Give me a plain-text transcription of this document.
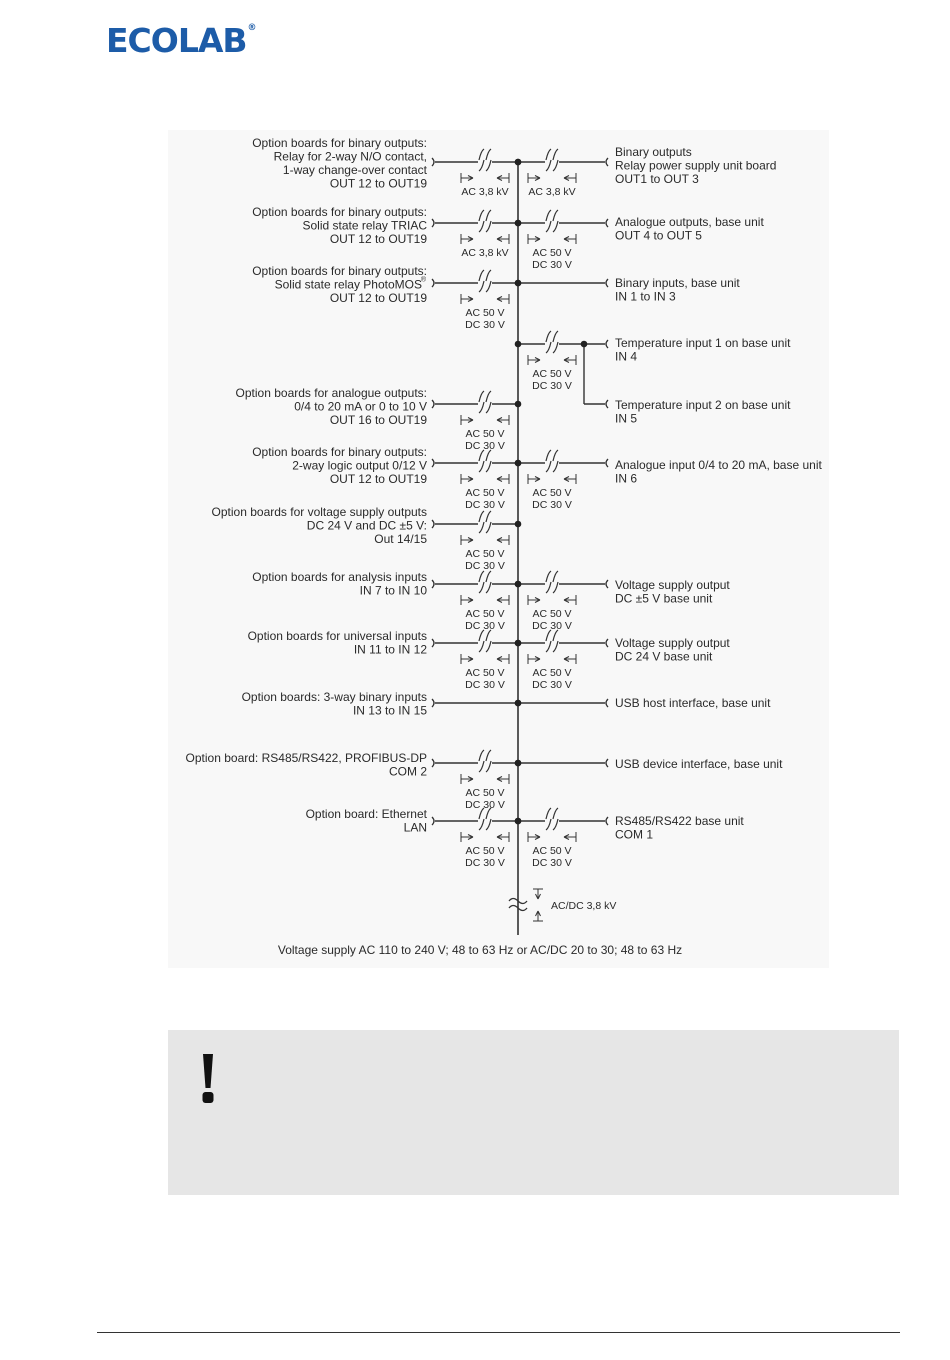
ECOLAB®
AC 3,8 kV
Option boards for binary outputs:
Relay for 2-way N/O contact,
1-way change-over contact
OUT 12 to OUT19
AC 3,8 kV
Option boards for binary outputs:
Solid state relay TRIAC
OUT 12 to OUT19
AC 50 V
DC 30 V
Option boards for binary outputs:
Solid state relay PhotoMOS
OUT 12 to OUT19
®
AC 50 V
DC 30 V
Option boards for analogue outputs:
0/4 to 20 mA or 0 to 10 V
OUT 16 to OUT19
AC 50 V
DC 30 V
Option boards for binary outputs:
2-way logic output 0/12 V
OUT 12 to OUT19
AC 50 V
DC 30 V
Option boards for voltage supply outputs
DC 24 V and DC ±5 V:
Out 14/15
AC 50 V
DC 30 V
Option boards for analysis inputs
IN 7 to IN 10
AC 50 V
DC 30 V
Option boards for universal inputs
IN 11 to IN 12
Option boards: 3-way binary inputs
IN 13 to IN 15
AC 50 V
DC 30 V
Option board: RS485/RS422, PROFIBUS-DP
COM 2
AC 50 V
DC 30 V
Option board: Ethernet
LAN
AC 3,8 kV
Binary outputs
Relay power supply unit board
OUT1 to OUT 3
AC 50 V
DC 30 V
Analogue outputs, base unit
OUT 4 to OUT 5
Binary inputs, base unit
IN 1 to IN 3
AC 50 V
DC 30 V
Temperature input 1 on base unit
IN 4
Temperature input 2 on base unit
IN 5
AC 50 V
DC 30 V
Analogue input 0/4 to 20 mA, base unit
IN 6
AC 50 V
DC 30 V
Voltage supply output
DC ±5 V base unit
AC 50 V
DC 30 V
Voltage supply output
DC 24 V base unit
USB host interface, base unit
USB device interface, base unit
AC 50 V
DC 30 V
RS485/RS422 base unit
COM 1
AC/DC 3,8 kV
Voltage supply AC 110 to 240 V; 48 to 63 Hz or AC/DC 20 to 30; 48 to 63 Hz
